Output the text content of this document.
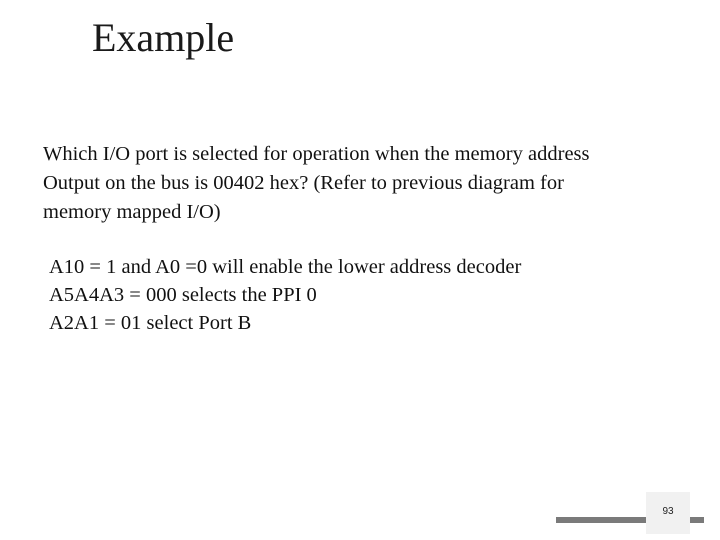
Example
Which I/O port is selected for operation when the memory address
Output on the bus is 00402 hex? (Refer to previous diagram for
memory mapped I/O)
A10 = 1 and A0 =0 will enable the lower address decoder
A5A4A3 = 000 selects the PPI 0
A2A1 = 01 select Port B
93
